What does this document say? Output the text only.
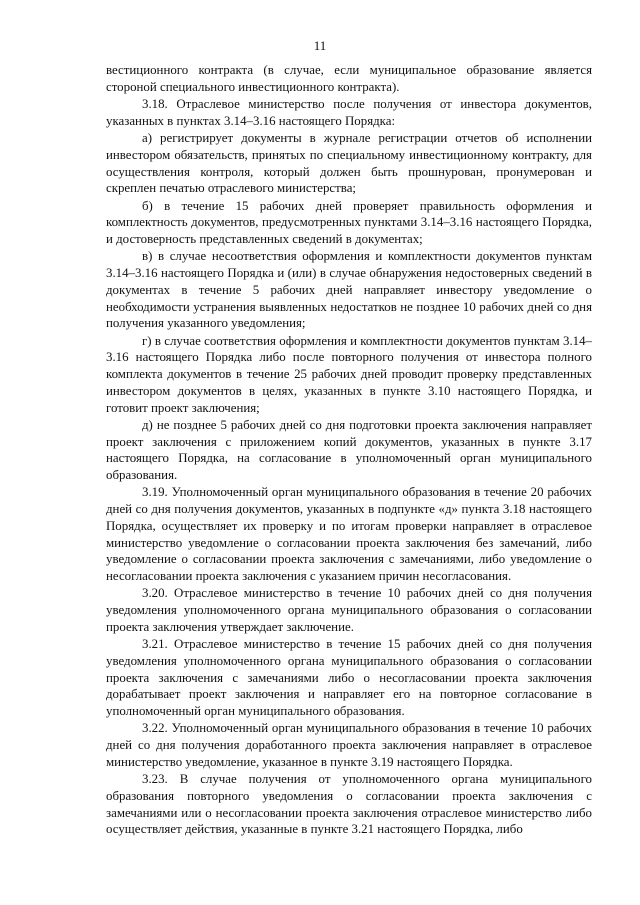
11

вестиционного контракта (в случае, если муниципальное образование является стороной специального инвестиционного контракта).

3.18. Отраслевое министерство после получения от инвестора документов, указанных в пунктах 3.14–3.16 настоящего Порядка:

а) регистрирует документы в журнале регистрации отчетов об исполнении инвестором обязательств, принятых по специальному инвестиционному контракту, для осуществления контроля, который должен быть прошнурован, пронумерован и скреплен печатью отраслевого министерства;

б) в течение 15 рабочих дней проверяет правильность оформления и комплектность документов, предусмотренных пунктами 3.14–3.16 настоящего Порядка, и достоверность представленных сведений в документах;

в) в случае несоответствия оформления и комплектности документов пунктам 3.14–3.16 настоящего Порядка и (или) в случае обнаружения недостоверных сведений в документах в течение 5 рабочих дней направляет инвестору уведомление о необходимости устранения выявленных недостатков не позднее 10 рабочих дней со дня получения указанного уведомления;

г) в случае соответствия оформления и комплектности документов пунктам 3.14–3.16 настоящего Порядка либо после повторного получения от инвестора полного комплекта документов в течение 25 рабочих дней проводит проверку представленных инвестором документов в целях, указанных в пункте 3.10 настоящего Порядка, и готовит проект заключения;

д) не позднее 5 рабочих дней со дня подготовки проекта заключения направляет проект заключения с приложением копий документов, указанных в пункте 3.17 настоящего Порядка, на согласование в уполномоченный орган муниципального образования.

3.19. Уполномоченный орган муниципального образования в течение 20 рабочих дней со дня получения документов, указанных в подпункте «д» пункта 3.18 настоящего Порядка, осуществляет их проверку и по итогам проверки направляет в отраслевое министерство уведомление о согласовании проекта заключения без замечаний, либо уведомление о согласовании проекта заключения с замечаниями, либо уведомление о несогласовании проекта заключения с указанием причин несогласования.

3.20. Отраслевое министерство в течение 10 рабочих дней со дня получения уведомления уполномоченного органа муниципального образования о согласовании проекта заключения утверждает заключение.

3.21. Отраслевое министерство в течение 15 рабочих дней со дня получения уведомления уполномоченного органа муниципального образования о согласовании проекта заключения с замечаниями либо о несогласовании проекта заключения дорабатывает проект заключения и направляет его на повторное согласование в уполномоченный орган муниципального образования.

3.22. Уполномоченный орган муниципального образования в течение 10 рабочих дней со дня получения доработанного проекта заключения направляет в отраслевое министерство уведомление, указанное в пункте 3.19 настоящего Порядка.

3.23. В случае получения от уполномоченного органа муниципального образования повторного уведомления о согласовании проекта заключения с замечаниями или о несогласовании проекта заключения отраслевое министерство либо осуществляет действия, указанные в пункте 3.21 настоящего Порядка, либо
